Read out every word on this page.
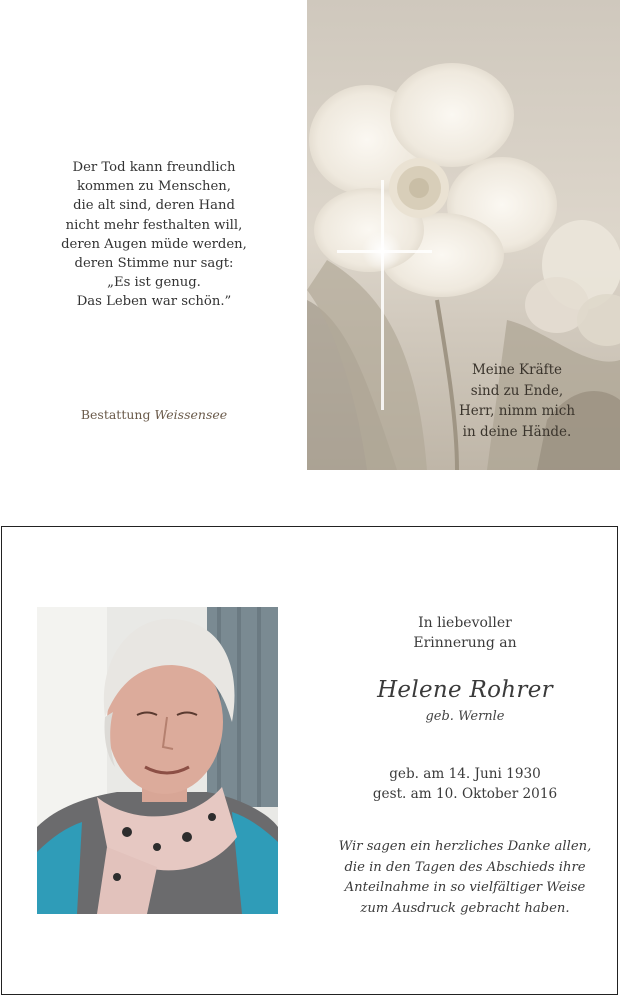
Der Tod kann freundlich
kommen zu Menschen,
die alt sind, deren Hand
nicht mehr festhalten will,
deren Augen müde werden,
deren Stimme nur sagt:
„Es ist genug.
Das Leben war schön.”
Bestattung Weissensee
Meine Kräfte
sind zu Ende,
Herr, nimm mich
in deine Hände.
In liebevoller
Erinnerung an
Helene Rohrer
geb. Wernle
geb. am 14. Juni 1930
gest. am 10. Oktober 2016
Wir sagen ein herzliches Danke allen,
die in den Tagen des Abschieds ihre
Anteilnahme in so vielfältiger Weise
zum Ausdruck gebracht haben.
